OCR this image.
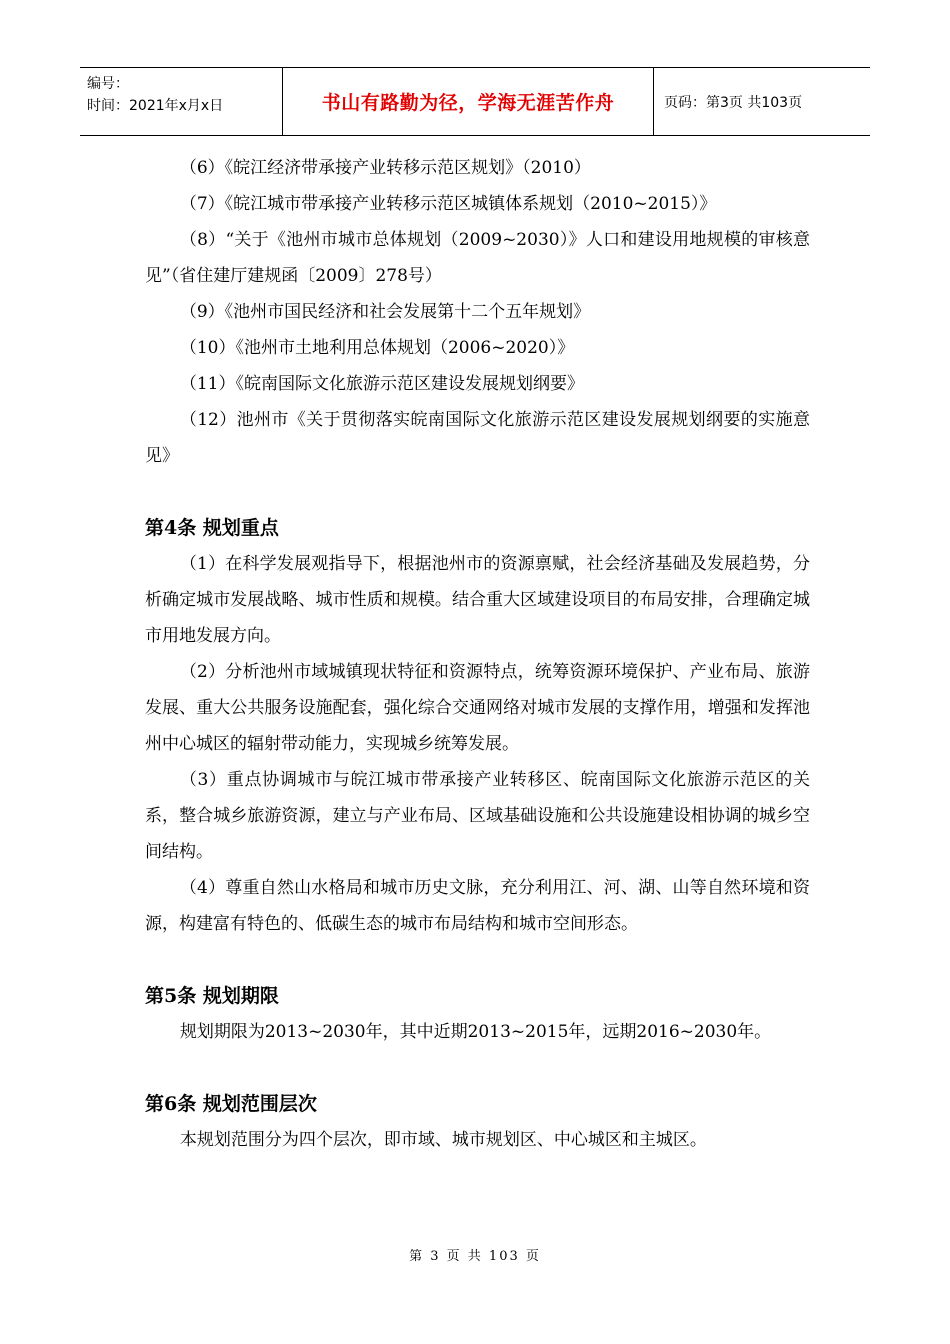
编号：
时间：2021年x月x日	书山有路勤为径，学海无涯苦作舟	页码：第3页 共103页

（6）《皖江经济带承接产业转移示范区规划》（2010）

（7）《皖江城市带承接产业转移示范区城镇体系规划（2010~2015）》

（8）“关于《池州市城市总体规划（2009~2030）》人口和建设用地规模的审核意见”（省住建厅建规函〔2009〕278号）

（9）《池州市国民经济和社会发展第十二个五年规划》

（10）《池州市土地利用总体规划（2006~2020）》

（11）《皖南国际文化旅游示范区建设发展规划纲要》

（12）池州市《关于贯彻落实皖南国际文化旅游示范区建设发展规划纲要的实施意见》

第4条 规划重点

（1）在科学发展观指导下，根据池州市的资源禀赋，社会经济基础及发展趋势，分析确定城市发展战略、城市性质和规模。结合重大区域建设项目的布局安排，合理确定城市用地发展方向。

（2）分析池州市域城镇现状特征和资源特点，统筹资源环境保护、产业布局、旅游发展、重大公共服务设施配套，强化综合交通网络对城市发展的支撑作用，增强和发挥池州中心城区的辐射带动能力，实现城乡统筹发展。

（3）重点协调城市与皖江城市带承接产业转移区、皖南国际文化旅游示范区的关系，整合城乡旅游资源，建立与产业布局、区域基础设施和公共设施建设相协调的城乡空间结构。

（4）尊重自然山水格局和城市历史文脉，充分利用江、河、湖、山等自然环境和资源，构建富有特色的、低碳生态的城市布局结构和城市空间形态。

第5条 规划期限

规划期限为2013~2030年，其中近期2013~2015年，远期2016~2030年。

第6条 规划范围层次

本规划范围分为四个层次，即市域、城市规划区、中心城区和主城区。

第 3 页 共 103 页
